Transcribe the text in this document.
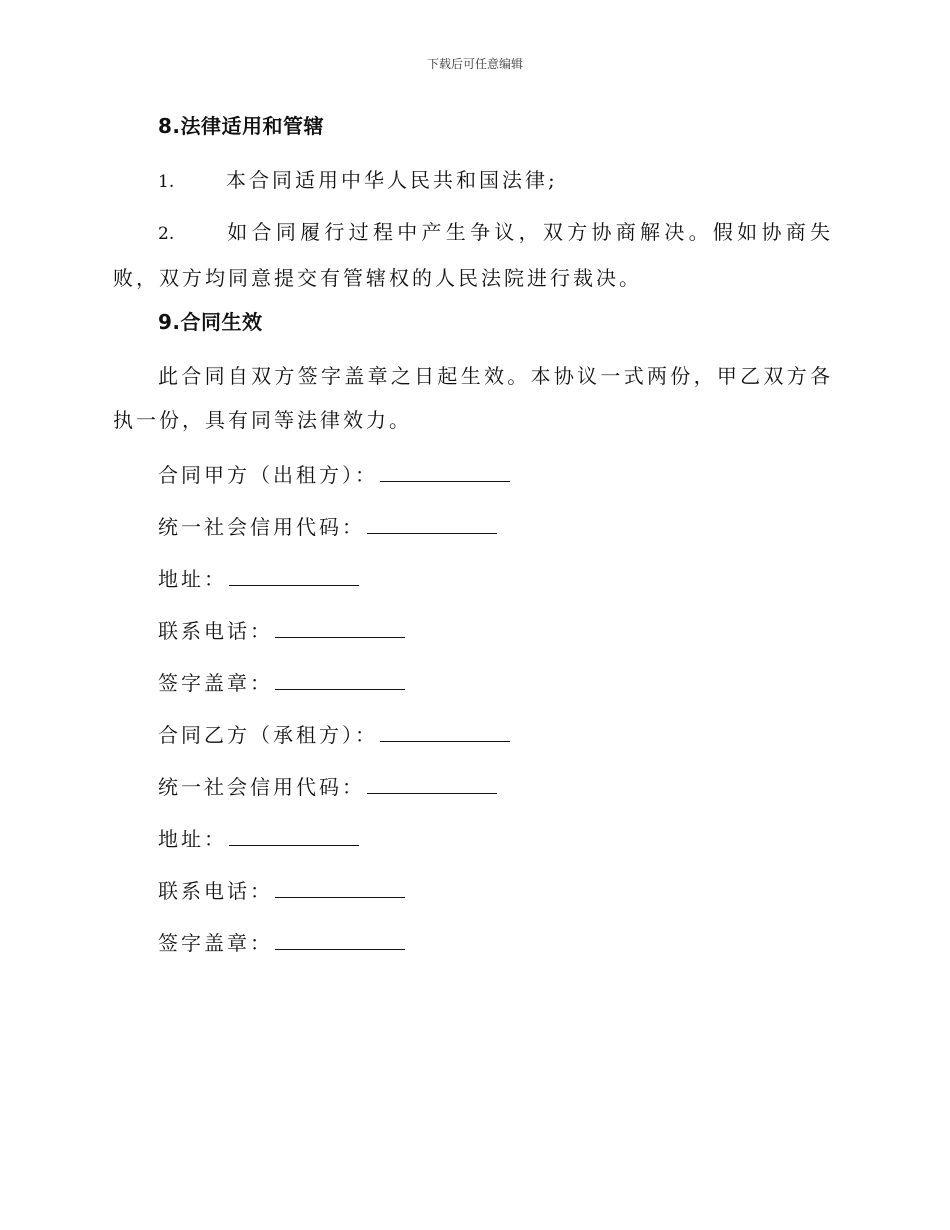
下载后可任意编辑
8.法律适用和管辖
1.	本合同适用中华人民共和国法律;
2.	如合同履行过程中产生争议，双方协商解决。假如协商失败，双方均同意提交有管辖权的人民法院进行裁决。
9.合同生效
此合同自双方签字盖章之日起生效。本协议一式两份，甲乙双方各执一份，具有同等法律效力。
合同甲方（出租方）：
统一社会信用代码：
地址：
联系电话：
签字盖章：
合同乙方（承租方）：
统一社会信用代码：
地址：
联系电话：
签字盖章：
